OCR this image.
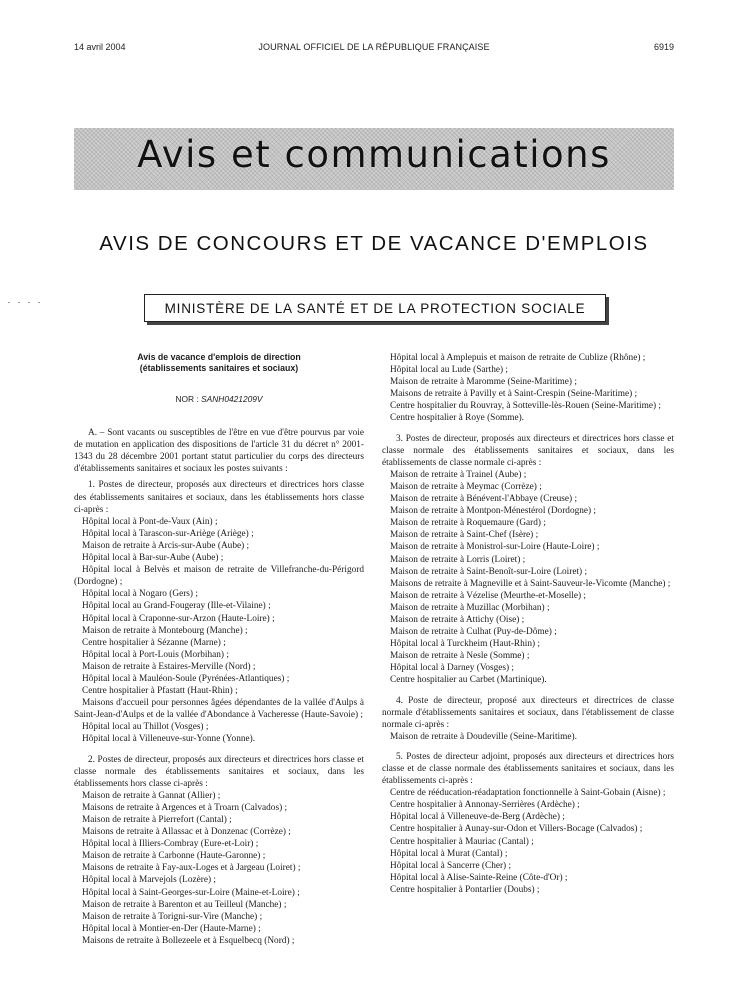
14 avril 2004	JOURNAL OFFICIEL DE LA RÉPUBLIQUE FRANÇAISE	6919
Avis et communications
AVIS DE CONCOURS ET DE VACANCE D'EMPLOIS
MINISTÈRE DE LA SANTÉ ET DE LA PROTECTION SOCIALE
Avis de vacance d'emplois de direction
(établissements sanitaires et sociaux)
NOR : SANH0421209V
A. – Sont vacants ou susceptibles de l'être en vue d'être pourvus par voie de mutation en application des dispositions de l'article 31 du décret n° 2001-1343 du 28 décembre 2001 portant statut particulier du corps des directeurs d'établissements sanitaires et sociaux les postes suivants :
1. Postes de directeur, proposés aux directeurs et directrices hors classe des établissements sanitaires et sociaux, dans les établissements hors classe ci-après :
Hôpital local à Pont-de-Vaux (Ain) ;
Hôpital local à Tarascon-sur-Ariège (Ariège) ;
Maison de retraite à Arcis-sur-Aube (Aube) ;
Hôpital local à Bar-sur-Aube (Aube) ;
Hôpital local à Belvès et maison de retraite de Villefranche-du-Périgord (Dordogne) ;
Hôpital local à Nogaro (Gers) ;
Hôpital local au Grand-Fougeray (Ille-et-Vilaine) ;
Hôpital local à Craponne-sur-Arzon (Haute-Loire) ;
Maison de retraite à Montebourg (Manche) ;
Centre hospitalier à Sézanne (Marne) ;
Hôpital local à Port-Louis (Morbihan) ;
Maison de retraite à Estaires-Merville (Nord) ;
Hôpital local à Mauléon-Soule (Pyrénées-Atlantiques) ;
Centre hospitalier à Pfastatt (Haut-Rhin) ;
Maisons d'accueil pour personnes âgées dépendantes de la vallée d'Aulps à Saint-Jean-d'Aulps et de la vallée d'Abondance à Vacheresse (Haute-Savoie) ;
Hôpital local au Thillot (Vosges) ;
Hôpital local à Villeneuve-sur-Yonne (Yonne).
2. Postes de directeur, proposés aux directeurs et directrices hors classe et classe normale des établissements sanitaires et sociaux, dans les établissements hors classe ci-après :
Maison de retraite à Gannat (Allier) ;
Maisons de retraite à Argences et à Troarn (Calvados) ;
Maison de retraite à Pierrefort (Cantal) ;
Maisons de retraite à Allassac et à Donzenac (Corrèze) ;
Hôpital local à Illiers-Combray (Eure-et-Loir) ;
Maison de retraite à Carbonne (Haute-Garonne) ;
Maisons de retraite à Fay-aux-Loges et à Jargeau (Loiret) ;
Hôpital local à Marvejols (Lozère) ;
Hôpital local à Saint-Georges-sur-Loire (Maine-et-Loire) ;
Maison de retraite à Barenton et au Teilleul (Manche) ;
Maison de retraite à Torigni-sur-Vire (Manche) ;
Hôpital local à Montier-en-Der (Haute-Marne) ;
Maisons de retraite à Bollezeele et à Esquelbecq (Nord) ;
Hôpital local à Amplepuis et maison de retraite de Cublize (Rhône) ;
Hôpital local au Lude (Sarthe) ;
Maison de retraite à Maromme (Seine-Maritime) ;
Maisons de retraite à Pavilly et à Saint-Crespin (Seine-Maritime) ;
Centre hospitalier du Rouvray, à Sotteville-lès-Rouen (Seine-Maritime) ;
Centre hospitalier à Roye (Somme).
3. Postes de directeur, proposés aux directeurs et directrices hors classe et classe normale des établissements sanitaires et sociaux, dans les établissements de classe normale ci-après :
Maison de retraite à Trainel (Aube) ;
Maison de retraite à Meymac (Corrèze) ;
Maison de retraite à Bénévent-l'Abbaye (Creuse) ;
Maison de retraite à Montpon-Ménestérol (Dordogne) ;
Maison de retraite à Roquemaure (Gard) ;
Maison de retraite à Saint-Chef (Isère) ;
Maison de retraite à Monistrol-sur-Loire (Haute-Loire) ;
Maison de retraite à Lorris (Loiret) ;
Maison de retraite à Saint-Benoît-sur-Loire (Loiret) ;
Maisons de retraite à Magneville et à Saint-Sauveur-le-Vicomte (Manche) ;
Maison de retraite à Vézelise (Meurthe-et-Moselle) ;
Maison de retraite à Muzillac (Morbihan) ;
Maison de retraite à Attichy (Oise) ;
Maison de retraite à Culhat (Puy-de-Dôme) ;
Hôpital local à Turckheim (Haut-Rhin) ;
Maison de retraite à Nesle (Somme) ;
Hôpital local à Darney (Vosges) ;
Centre hospitalier au Carbet (Martinique).
4. Poste de directeur, proposé aux directeurs et directrices de classe normale d'établissements sanitaires et sociaux, dans l'établissement de classe normale ci-après :
Maison de retraite à Doudeville (Seine-Maritime).
5. Postes de directeur adjoint, proposés aux directeurs et directrices hors classe et de classe normale des établissements sanitaires et sociaux, dans les établissements ci-après :
Centre de rééducation-réadaptation fonctionnelle à Saint-Gobain (Aisne) ;
Centre hospitalier à Annonay-Serrières (Ardèche) ;
Hôpital local à Villeneuve-de-Berg (Ardèche) ;
Centre hospitalier à Aunay-sur-Odon et Villers-Bocage (Calvados) ;
Centre hospitalier à Mauriac (Cantal) ;
Hôpital local à Murat (Cantal) ;
Hôpital local à Sancerre (Cher) ;
Hôpital local à Alise-Sainte-Reine (Côte-d'Or) ;
Centre hospitalier à Pontarlier (Doubs) ;
